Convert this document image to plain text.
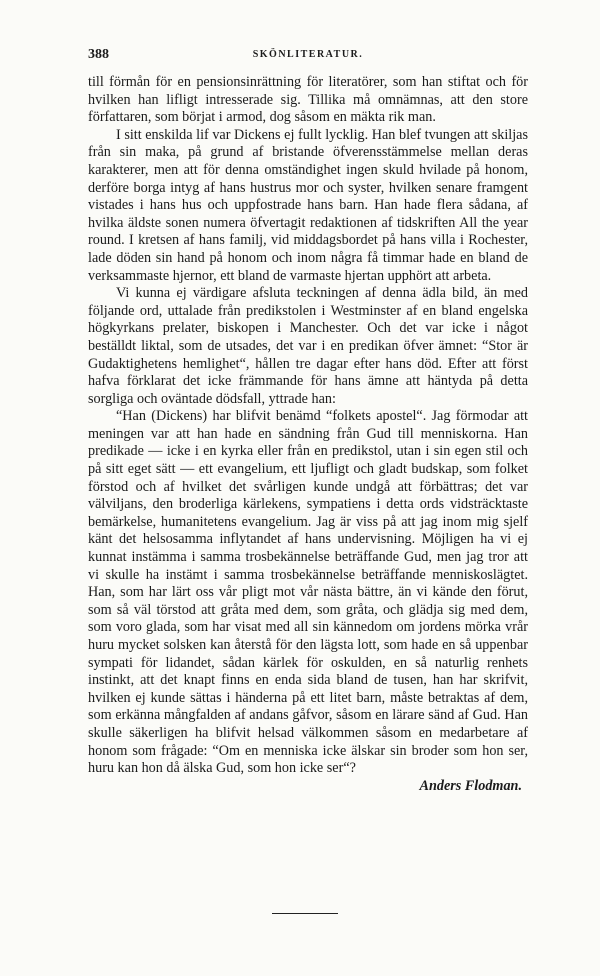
388	SKÖNLITERATUR.

till förmån för en pensionsinrättning för literatörer, som han stiftat och för hvilken han lifligt intresserade sig. Tillika må omnämnas, att den store författaren, som börjat i armod, dog såsom en mäkta rik man.

I sitt enskilda lif var Dickens ej fullt lycklig. Han blef tvungen att skiljas från sin maka, på grund af bristande öfverensstämmelse mellan deras karakterer, men att för denna omständighet ingen skuld hvilade på honom, derföre borga intyg af hans hustrus mor och syster, hvilken senare framgent vistades i hans hus och uppfostrade hans barn. Han hade flera sådana, af hvilka äldste sonen numera öfvertagit redaktionen af tidskriften All the year round. I kretsen af hans familj, vid middagsbordet på hans villa i Rochester, lade döden sin hand på honom och inom några få timmar hade en bland de verksammaste hjernor, ett bland de varmaste hjertan upphört att arbeta.

Vi kunna ej värdigare afsluta teckningen af denna ädla bild, än med följande ord, uttalade från predikstolen i Westminster af en bland engelska högkyrkans prelater, biskopen i Manchester. Och det var icke i något beställdt liktal, som de utsades, det var i en predikan öfver ämnet: “Stor är Gudaktighetens hemlighet“, hållen tre dagar efter hans död. Efter att först hafva förklarat det icke främmande för hans ämne att häntyda på detta sorgliga och oväntade dödsfall, yttrade han:

“Han (Dickens) har blifvit benämd “folkets apostel“. Jag förmodar att meningen var att han hade en sändning från Gud till menniskorna. Han predikade — icke i en kyrka eller från en predikstol, utan i sin egen stil och på sitt eget sätt — ett evangelium, ett ljufligt och gladt budskap, som folket förstod och af hvilket det svårligen kunde undgå att förbättras; det var välviljans, den broderliga kärlekens, sympatiens i detta ords vidsträcktaste bemärkelse, humanitetens evangelium. Jag är viss på att jag inom mig sjelf känt det helsosamma inflytandet af hans undervisning. Möjligen ha vi ej kunnat instämma i samma trosbekännelse beträffande Gud, men jag tror att vi skulle ha instämt i samma trosbekännelse beträffande menniskoslägtet. Han, som har lärt oss vår pligt mot vår nästa bättre, än vi kände den förut, som så väl törstod att gråta med dem, som gråta, och glädja sig med dem, som voro glada, som har visat med all sin kännedom om jordens mörka vrår huru mycket solsken kan återstå för den lägsta lott, som hade en så uppenbar sympati för lidandet, sådan kärlek för oskulden, en så naturlig renhets instinkt, att det knapt finns en enda sida bland de tusen, han har skrifvit, hvilken ej kunde sättas i händerna på ett litet barn, måste betraktas af dem, som erkänna mångfalden af andans gåfvor, såsom en lärare sänd af Gud. Han skulle säkerligen ha blifvit helsad välkommen såsom en medarbetare af honom som frågade: “Om en menniska icke älskar sin broder som hon ser, huru kan hon då älska Gud, som hon icke ser“?

Anders Flodman.
